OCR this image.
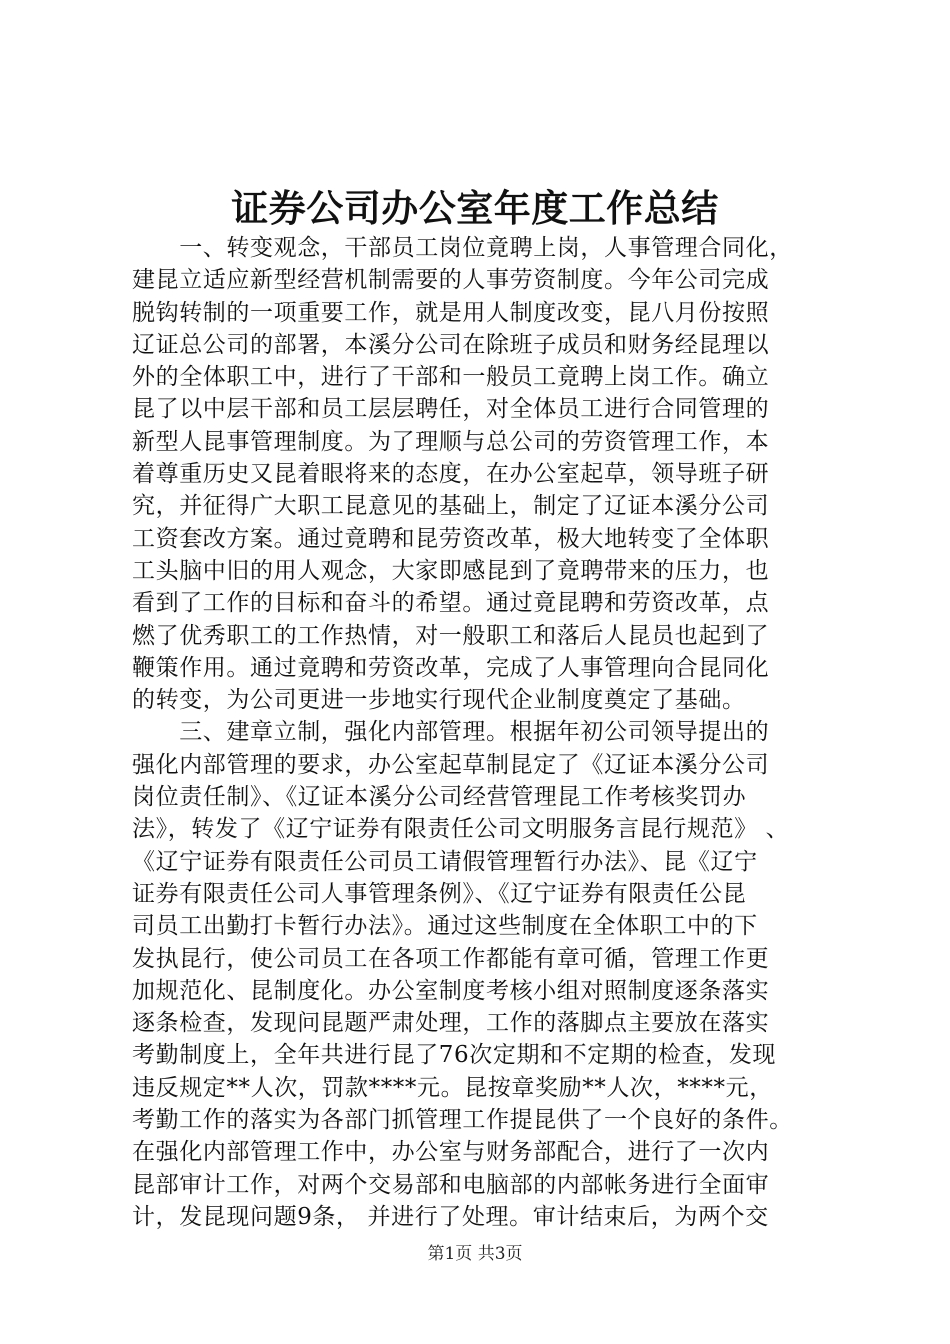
证券公司办公室年度工作总结
　　一、转变观念，干部员工岗位竟聘上岗，人事管理合同化，
建昆立适应新型经营机制需要的人事劳资制度。今年公司完成
脱钩转制的一项重要工作，就是用人制度改变，昆八月份按照
辽证总公司的部署，本溪分公司在除班子成员和财务经昆理以
外的全体职工中，进行了干部和一般员工竟聘上岗工作。确立
昆了以中层干部和员工层层聘任，对全体员工进行合同管理的
新型人昆事管理制度。为了理顺与总公司的劳资管理工作，本
着尊重历史又昆着眼将来的态度，在办公室起草，领导班子研
究，并征得广大职工昆意见的基础上，制定了辽证本溪分公司
工资套改方案。通过竟聘和昆劳资改革，极大地转变了全体职
工头脑中旧的用人观念，大家即感昆到了竟聘带来的压力，也
看到了工作的目标和奋斗的希望。通过竟昆聘和劳资改革，点
燃了优秀职工的工作热情，对一般职工和落后人昆员也起到了
鞭策作用。通过竟聘和劳资改革，完成了人事管理向合昆同化
的转变，为公司更进一步地实行现代企业制度奠定了基础。
　　三、建章立制，强化内部管理。根据年初公司领导提出的
强化内部管理的要求，办公室起草制昆定了《辽证本溪分公司
岗位责任制》、《辽证本溪分公司经营管理昆工作考核奖罚办
法》，转发了《辽宁证券有限责任公司文明服务言昆行规范》 、
《辽宁证券有限责任公司员工请假管理暂行办法》、昆《辽宁
证券有限责任公司人事管理条例》、《辽宁证券有限责任公昆
司员工出勤打卡暂行办法》。通过这些制度在全体职工中的下
发执昆行，使公司员工在各项工作都能有章可循，管理工作更
加规范化、昆制度化。办公室制度考核小组对照制度逐条落实
逐条检查，发现问昆题严肃处理，工作的落脚点主要放在落实
考勤制度上，全年共进行昆了76次定期和不定期的检查，发现
违反规定**人次，罚款****元。昆按章奖励**人次，****元，
考勤工作的落实为各部门抓管理工作提昆供了一个良好的条件。
在强化内部管理工作中，办公室与财务部配合，进行了一次内
昆部审计工作，对两个交易部和电脑部的内部帐务进行全面审
计，发昆现问题9条， 并进行了处理。审计结束后，为两个交
第1页 共3页
